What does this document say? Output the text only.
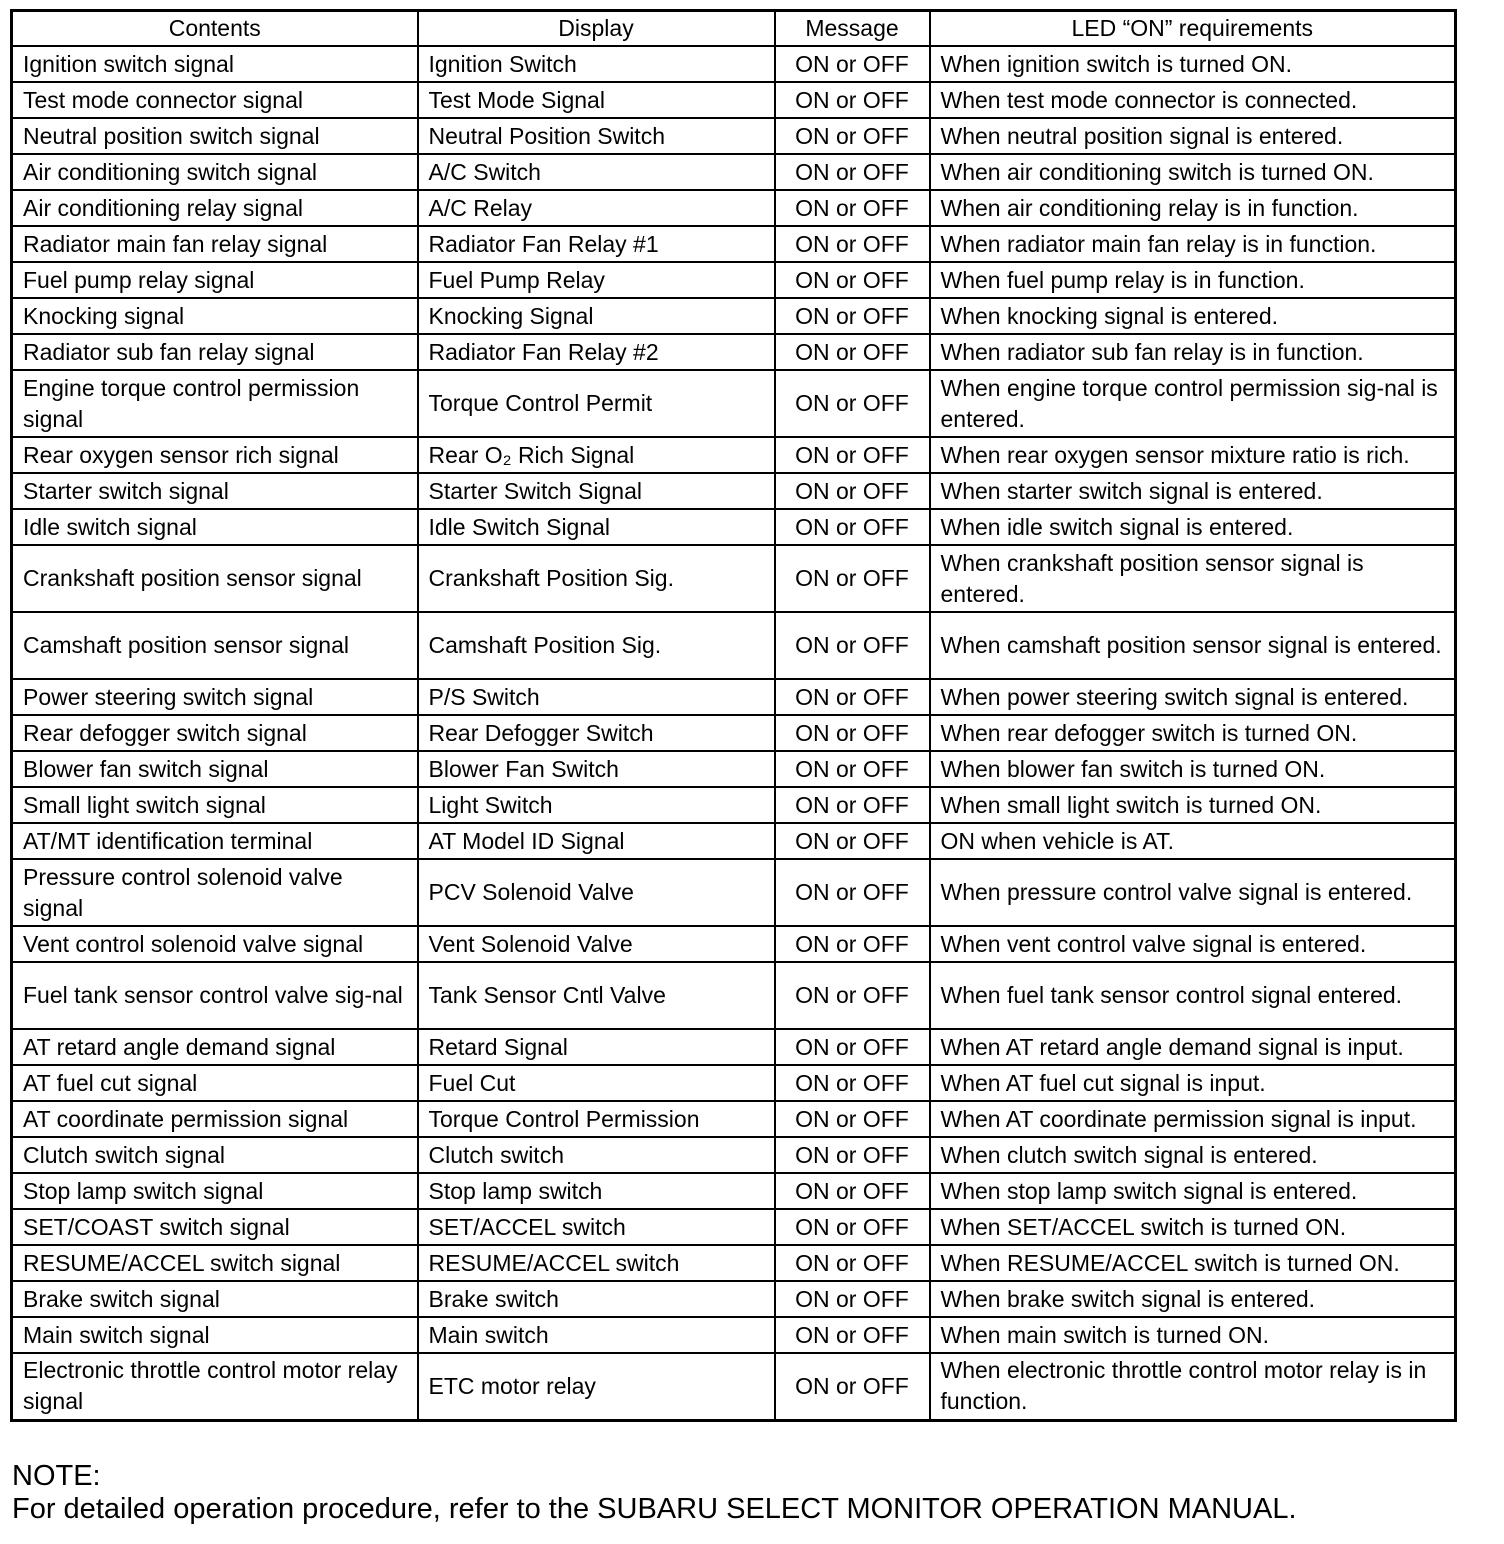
Contents	Display	Message	LED “ON” requirements
Ignition switch signal	Ignition Switch	ON or OFF	When ignition switch is turned ON.
Test mode connector signal	Test Mode Signal	ON or OFF	When test mode connector is connected.
Neutral position switch signal	Neutral Position Switch	ON or OFF	When neutral position signal is entered.
Air conditioning switch signal	A/C Switch	ON or OFF	When air conditioning switch is turned ON.
Air conditioning relay signal	A/C Relay	ON or OFF	When air conditioning relay is in function.
Radiator main fan relay signal	Radiator Fan Relay #1	ON or OFF	When radiator main fan relay is in function.
Fuel pump relay signal	Fuel Pump Relay	ON or OFF	When fuel pump relay is in function.
Knocking signal	Knocking Signal	ON or OFF	When knocking signal is entered.
Radiator sub fan relay signal	Radiator Fan Relay #2	ON or OFF	When radiator sub fan relay is in function.
Engine torque control permission signal	Torque Control Permit	ON or OFF	When engine torque control permission sig-nal is entered.
Rear oxygen sensor rich signal	Rear O₂ Rich Signal	ON or OFF	When rear oxygen sensor mixture ratio is rich.
Starter switch signal	Starter Switch Signal	ON or OFF	When starter switch signal is entered.
Idle switch signal	Idle Switch Signal	ON or OFF	When idle switch signal is entered.
Crankshaft position sensor signal	Crankshaft Position Sig.	ON or OFF	When crankshaft position sensor signal is entered.
Camshaft position sensor signal	Camshaft Position Sig.	ON or OFF	When camshaft position sensor signal is entered.
Power steering switch signal	P/S Switch	ON or OFF	When power steering switch signal is entered.
Rear defogger switch signal	Rear Defogger Switch	ON or OFF	When rear defogger switch is turned ON.
Blower fan switch signal	Blower Fan Switch	ON or OFF	When blower fan switch is turned ON.
Small light switch signal	Light Switch	ON or OFF	When small light switch is turned ON.
AT/MT identification terminal	AT Model ID Signal	ON or OFF	ON when vehicle is AT.
Pressure control solenoid valve signal	PCV Solenoid Valve	ON or OFF	When pressure control valve signal is entered.
Vent control solenoid valve signal	Vent Solenoid Valve	ON or OFF	When vent control valve signal is entered.
Fuel tank sensor control valve sig-nal	Tank Sensor Cntl Valve	ON or OFF	When fuel tank sensor control signal entered.
AT retard angle demand signal	Retard Signal	ON or OFF	When AT retard angle demand signal is input.
AT fuel cut signal	Fuel Cut	ON or OFF	When AT fuel cut signal is input.
AT coordinate permission signal	Torque Control Permission	ON or OFF	When AT coordinate permission signal is input.
Clutch switch signal	Clutch switch	ON or OFF	When clutch switch signal is entered.
Stop lamp switch signal	Stop lamp switch	ON or OFF	When stop lamp switch signal is entered.
SET/COAST switch signal	SET/ACCEL switch	ON or OFF	When SET/ACCEL switch is turned ON.
RESUME/ACCEL switch signal	RESUME/ACCEL switch	ON or OFF	When RESUME/ACCEL switch is turned ON.
Brake switch signal	Brake switch	ON or OFF	When brake switch signal is entered.
Main switch signal	Main switch	ON or OFF	When main switch is turned ON.
Electronic throttle control motor relay signal	ETC motor relay	ON or OFF	When electronic throttle control motor relay is in function.
NOTE:
For detailed operation procedure, refer to the SUBARU SELECT MONITOR OPERATION MANUAL.
